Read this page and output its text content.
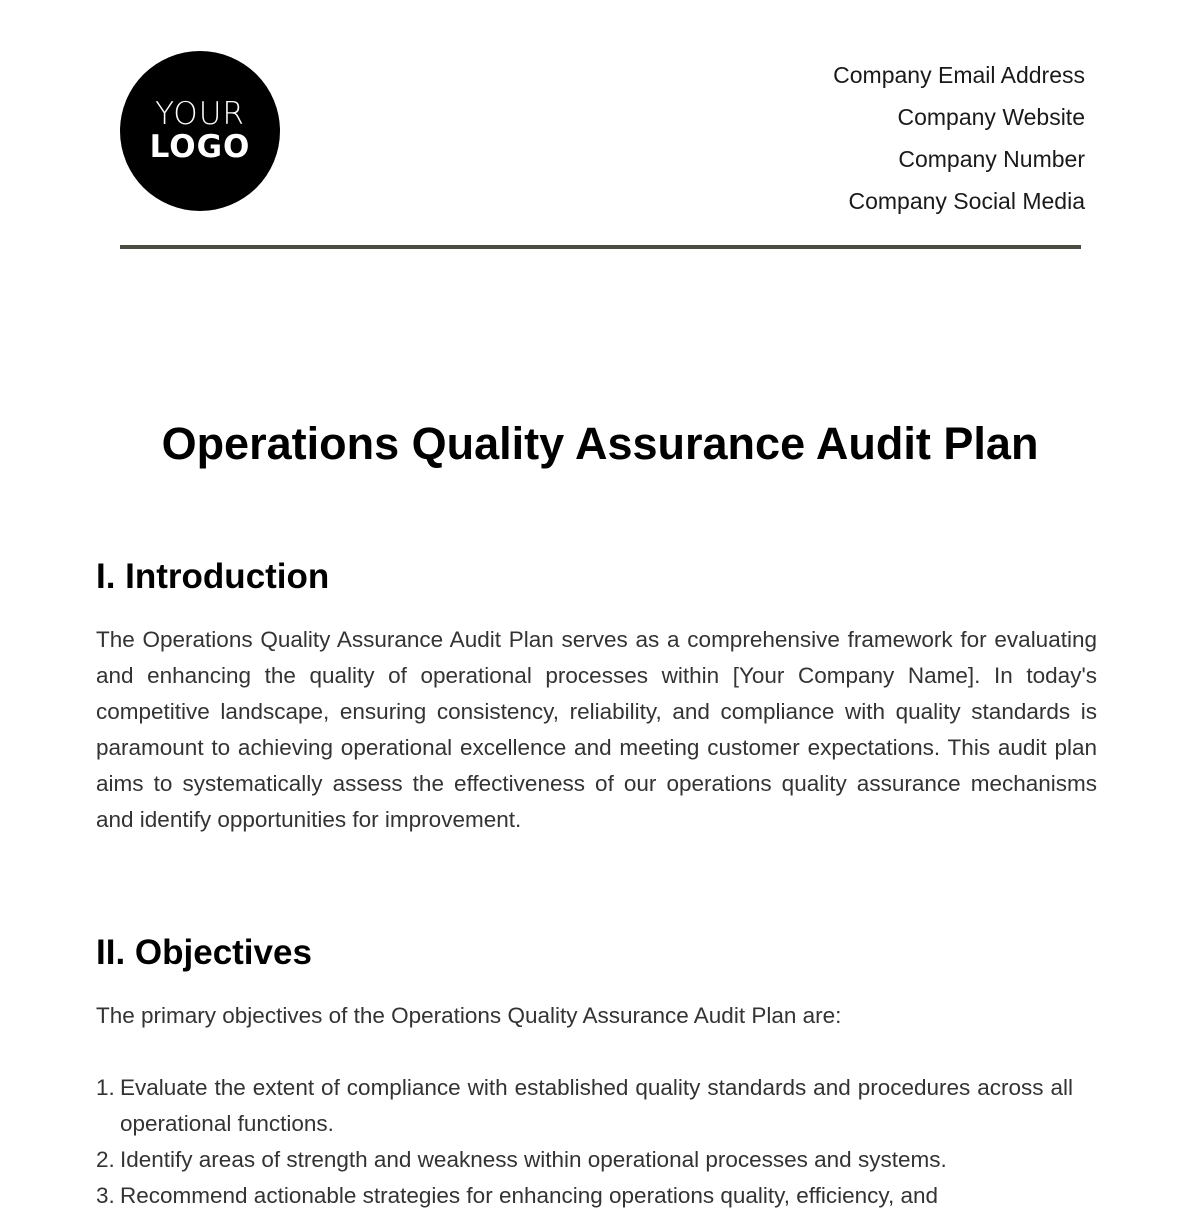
YOUR
LOGO
Company Email Address
Company Website
Company Number
Company Social Media
Operations Quality Assurance Audit Plan
I. Introduction

The Operations Quality Assurance Audit Plan serves as a comprehensive framework for evaluating and enhancing the quality of operational processes within [Your Company Name]. In today's competitive landscape, ensuring consistency, reliability, and compliance with quality standards is paramount to achieving operational excellence and meeting customer expectations. This audit plan aims to systematically assess the effectiveness of our operations quality assurance mechanisms and identify opportunities for improvement.

II. Objectives

The primary objectives of the Operations Quality Assurance Audit Plan are:

1. Evaluate the extent of compliance with established quality standards and procedures across all operational functions.
2. Identify areas of strength and weakness within operational processes and systems.
3. Recommend actionable strategies for enhancing operations quality, efficiency, and
